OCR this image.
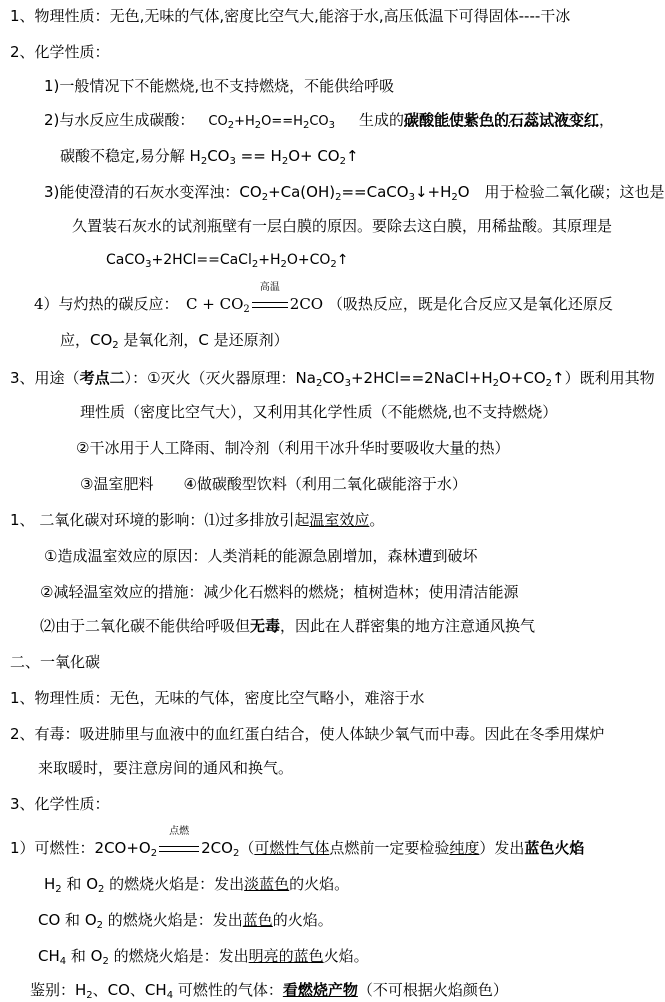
1、物理性质：无色,无味的气体,密度比空气大,能溶于水,高压低温下可得固体----干冰
2、化学性质：
1)一般情况下不能燃烧,也不支持燃烧，不能供给呼吸
2)与水反应生成碳酸： $CO_2+H_2O==H_2CO_3$ 生成的碳酸能使紫色的石蕊试液变红，
碳酸不稳定,易分解 $H_2CO_3 == H_2O+$ $CO_2↑$
3)能使澄清的石灰水变浑浊：$CO_2+Ca(OH)_2==CaCO_3↓+H_2O$　用于检验二氧化碳；这也是
久置装石灰水的试剂瓶壁有一层白膜的原因。要除去这白膜，用稀盐酸。其原理是
$CaCO_3+2HCl==CaCl_2+H_2O+CO_2↑$
4）与灼热的碳反应：　$C + CO_2$
高温
2CO （吸热反应，既是化合反应又是氧化还原反
应，$CO_2$ 是氧化剂，C 是还原剂）
3、用途（考点二）：①灭火（灭火器原理：$Na_2CO_3+2HCl==2NaCl+H_2O+CO_2↑$）既利用其物
理性质（密度比空气大），又利用其化学性质（不能燃烧,也不支持燃烧）
②干冰用于人工降雨、制冷剂（利用干冰升华时要吸收大量的热）
③温室肥料　　④做碳酸型饮料（利用二氧化碳能溶于水）
1、 二氧化碳对环境的影响：⑴过多排放引起温室效应。
①造成温室效应的原因：人类消耗的能源急剧增加，森林遭到破坏
②减轻温室效应的措施：减少化石燃料的燃烧；植树造林；使用清洁能源
⑵由于二氧化碳不能供给呼吸但无毒，因此在人群密集的地方注意通风换气
二、一氧化碳
1、物理性质：无色，无味的气体，密度比空气略小，难溶于水
2、有毒：吸进肺里与血液中的血红蛋白结合，使人体缺少氧气而中毒。因此在冬季用煤炉
来取暖时，要注意房间的通风和换气。
3、化学性质：
1）可燃性：$2CO+O_2$
点燃
$2CO_2$（可燃性气体点燃前一定要检验纯度）发出蓝色火焰
$H_2$ 和 $O_2$ 的燃烧火焰是：发出淡蓝色的火焰。
CO 和 $O_2$ 的燃烧火焰是：发出蓝色的火焰。
$CH_4$ 和 $O_2$ 的燃烧火焰是：发出明亮的蓝色火焰。
鉴别：$H_2$、CO、$CH_4$ 可燃性的气体：看燃烧产物（不可根据火焰颜色）
